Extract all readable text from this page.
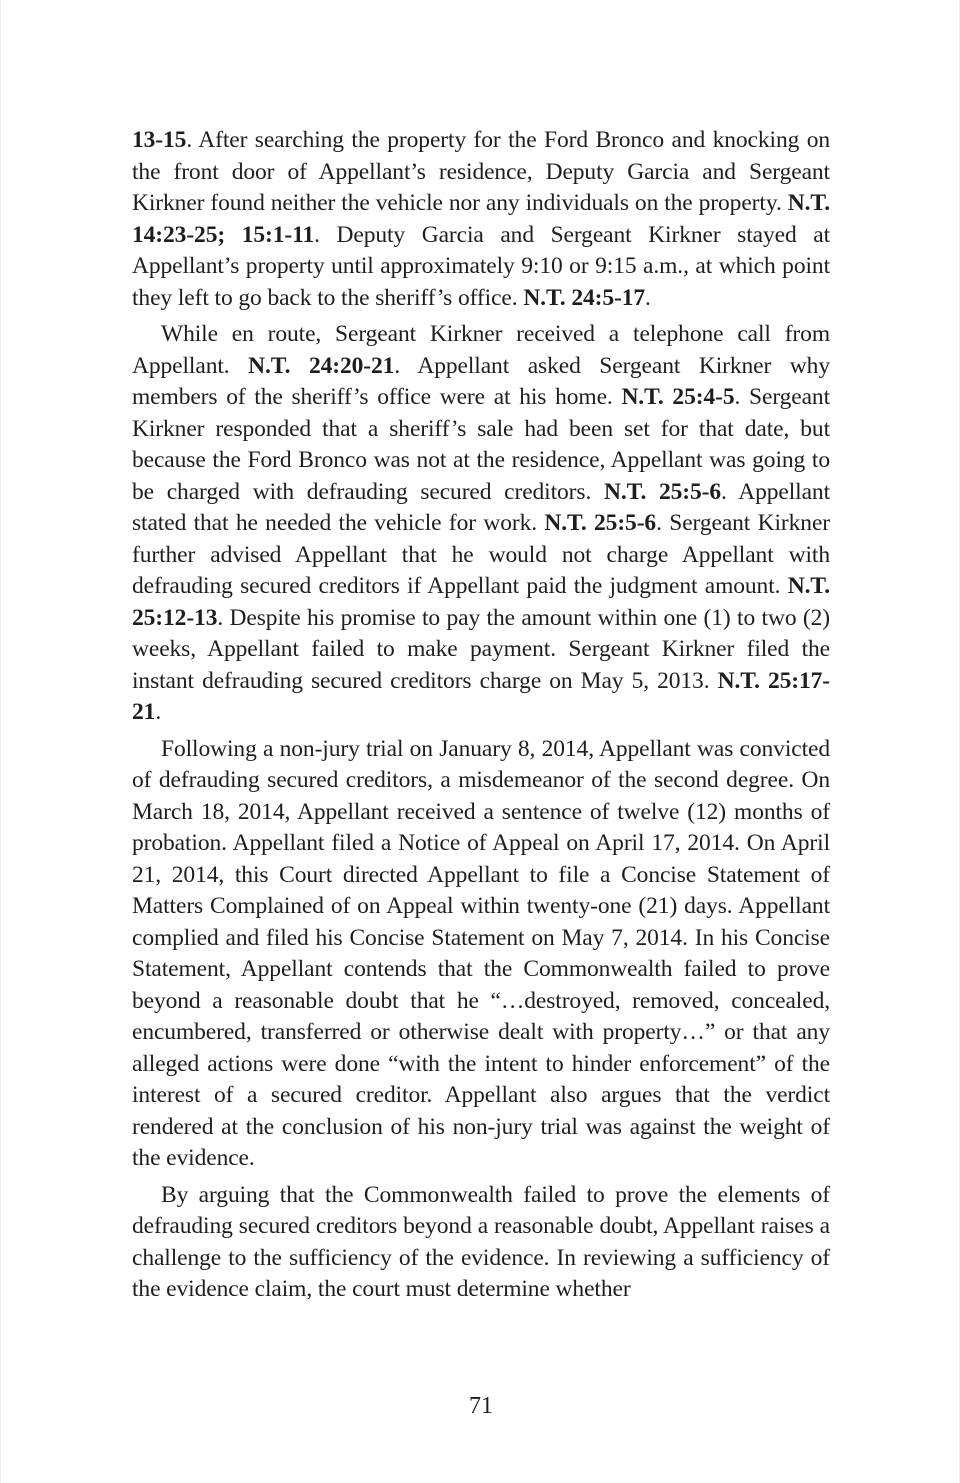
13-15. After searching the property for the Ford Bronco and knocking on the front door of Appellant’s residence, Deputy Garcia and Sergeant Kirkner found neither the vehicle nor any individuals on the property. N.T. 14:23-25; 15:1-11. Deputy Garcia and Sergeant Kirkner stayed at Appellant’s property until approximately 9:10 or 9:15 a.m., at which point they left to go back to the sheriff’s office. N.T. 24:5-17.

While en route, Sergeant Kirkner received a telephone call from Appellant. N.T. 24:20-21. Appellant asked Sergeant Kirkner why members of the sheriff’s office were at his home. N.T. 25:4-5. Sergeant Kirkner responded that a sheriff’s sale had been set for that date, but because the Ford Bronco was not at the residence, Appellant was going to be charged with defrauding secured creditors. N.T. 25:5-6. Appellant stated that he needed the vehicle for work. N.T. 25:5-6. Sergeant Kirkner further advised Appellant that he would not charge Appellant with defrauding secured creditors if Appellant paid the judgment amount. N.T. 25:12-13. Despite his promise to pay the amount within one (1) to two (2) weeks, Appellant failed to make payment. Sergeant Kirkner filed the instant defrauding secured creditors charge on May 5, 2013. N.T. 25:17-21.

Following a non-jury trial on January 8, 2014, Appellant was convicted of defrauding secured creditors, a misdemeanor of the second degree. On March 18, 2014, Appellant received a sentence of twelve (12) months of probation. Appellant filed a Notice of Appeal on April 17, 2014. On April 21, 2014, this Court directed Appellant to file a Concise Statement of Matters Complained of on Appeal within twenty-one (21) days. Appellant complied and filed his Concise Statement on May 7, 2014. In his Concise Statement, Appellant contends that the Commonwealth failed to prove beyond a reasonable doubt that he “…destroyed, removed, concealed, encumbered, transferred or otherwise dealt with property…” or that any alleged actions were done “with the intent to hinder enforcement” of the interest of a secured creditor. Appellant also argues that the verdict rendered at the conclusion of his non-jury trial was against the weight of the evidence.

By arguing that the Commonwealth failed to prove the elements of defrauding secured creditors beyond a reasonable doubt, Appellant raises a challenge to the sufficiency of the evidence. In reviewing a sufficiency of the evidence claim, the court must determine whether

71
